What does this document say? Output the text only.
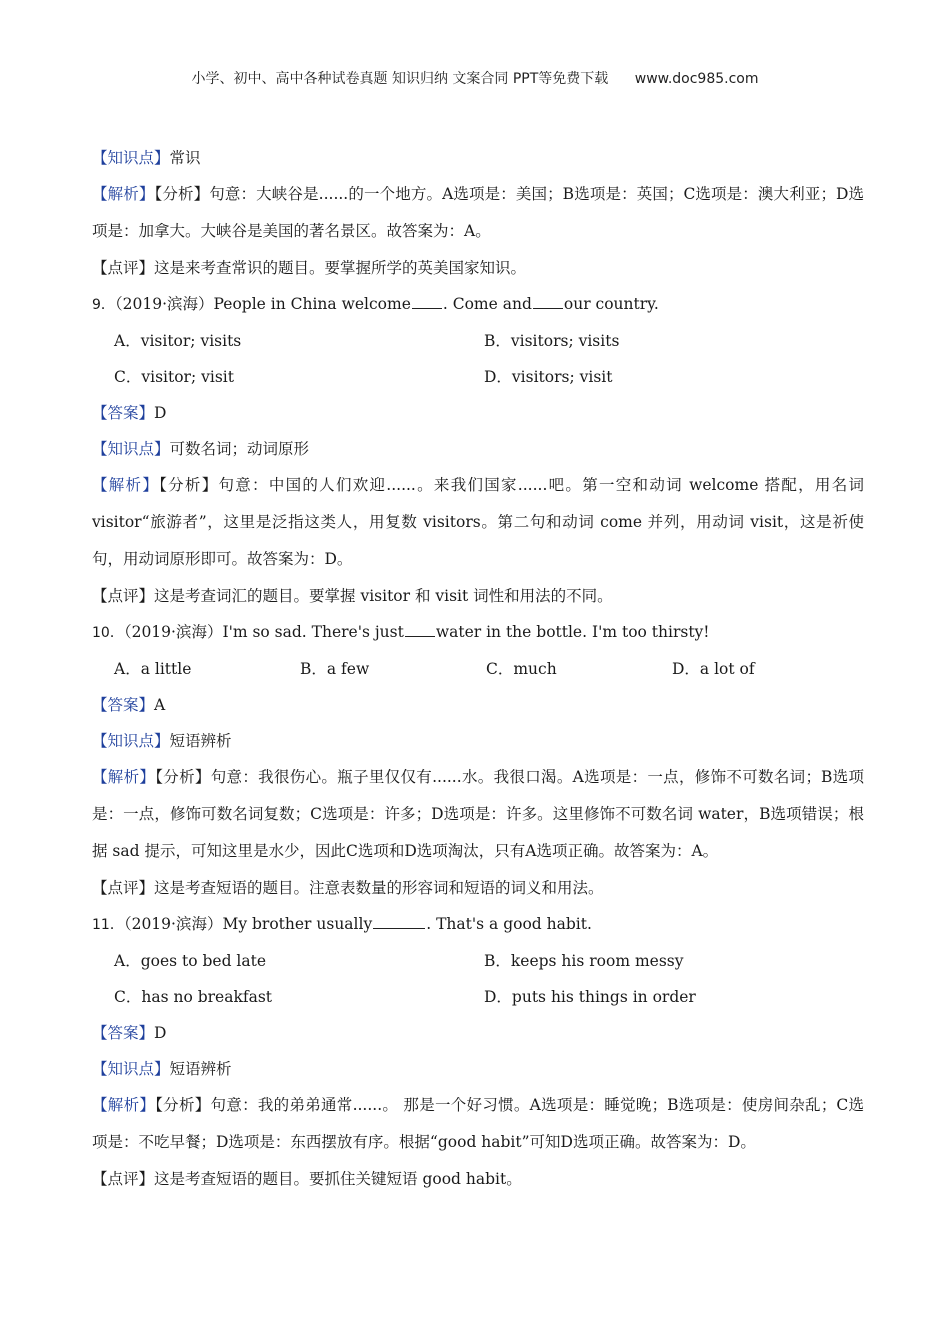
小学、初中、高中各种试卷真题 知识归纳 文案合同 PPT等免费下载 www.doc985.com
【知识点】常识
【解析】【分析】句意：大峡谷是......的一个地方。A选项是：美国；B选项是：英国；C选项是：澳大利亚；D选项是：加拿大。大峡谷是美国的著名景区。故答案为：A。
【点评】这是来考查常识的题目。要掌握所学的英美国家知识。
9．（2019·滨海）People in China welcome . Come and our country.
A．visitor; visits	B．visitors; visits
C．visitor; visit	D．visitors; visit
【答案】D
【知识点】可数名词；动词原形
【解析】【分析】句意：中国的人们欢迎......。来我们国家......吧。第一空和动词 welcome 搭配，用名词 visitor“旅游者”，这里是泛指这类人，用复数 visitors。第二句和动词 come 并列，用动词 visit，这是祈使句，用动词原形即可。故答案为：D。
【点评】这是考查词汇的题目。要掌握 visitor 和 visit 词性和用法的不同。
10．（2019·滨海）I'm so sad. There's just water in the bottle. I'm too thirsty!
A．a little	B．a few	C．much	D．a lot of
【答案】A
【知识点】短语辨析
【解析】【分析】句意：我很伤心。瓶子里仅仅有......水。我很口渴。A选项是：一点，修饰不可数名词；B选项是：一点，修饰可数名词复数；C选项是：许多；D选项是：许多。这里修饰不可数名词 water，B选项错误；根据 sad 提示，可知这里是水少，因此C选项和D选项淘汰，只有A选项正确。故答案为：A。
【点评】这是考查短语的题目。注意表数量的形容词和短语的词义和用法。
11．（2019·滨海）My brother usually	. That's a good habit.
A．goes to bed late	B．keeps his room messy
C．has no breakfast	D．puts his things in order
【答案】D
【知识点】短语辨析
【解析】【分析】句意：我的弟弟通常......。 那是一个好习惯。A选项是：睡觉晚；B选项是：使房间杂乱；C选项是：不吃早餐；D选项是：东西摆放有序。根据“good habit”可知D选项正确。故答案为：D。
【点评】这是考查短语的题目。要抓住关键短语 good habit。
